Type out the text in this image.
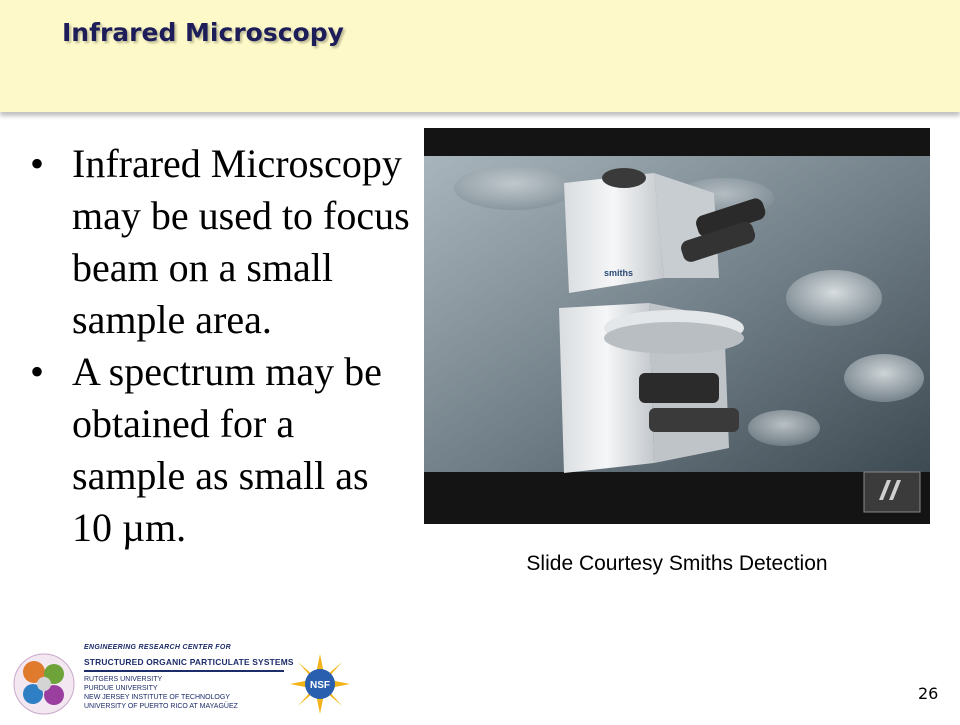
Infrared Microscopy
• Infrared Microscopy may be used to focus beam on a small sample area.
• A spectrum may be obtained for a sample as small as 10 µm.
smiths
Slide Courtesy Smiths Detection
ENGINEERING RESEARCH CENTER FOR
STRUCTURED ORGANIC PARTICULATE SYSTEMS
RUTGERS UNIVERSITY
PURDUE UNIVERSITY
NEW JERSEY INSTITUTE OF TECHNOLOGY
UNIVERSITY OF PUERTO RICO AT MAYAGÜEZ
NSF	26
